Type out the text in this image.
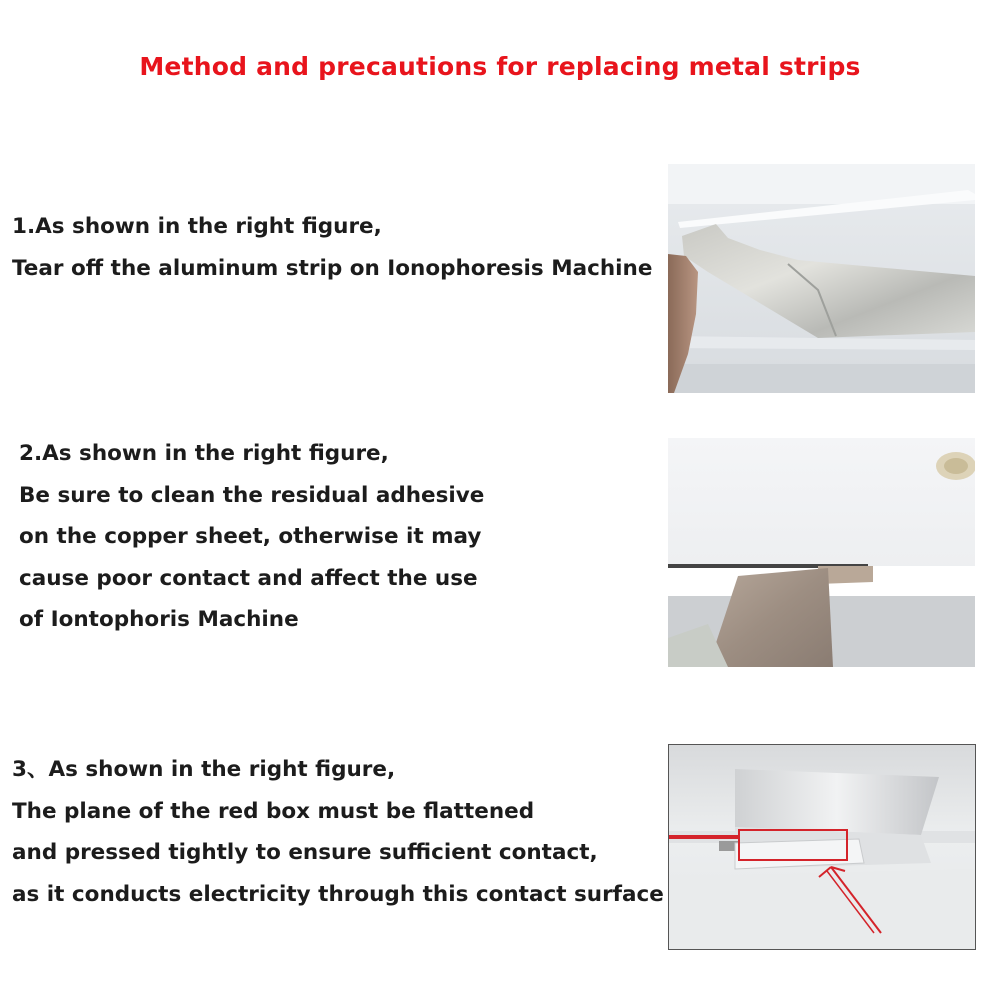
Method and precautions for replacing metal strips
1.As shown in the right figure,
Tear off the aluminum strip on Ionophoresis Machine
2.As shown in the right figure,
Be sure to clean the residual adhesive
on the copper sheet, otherwise it may
cause poor contact and affect the use
of Iontophoris Machine
3、As shown in the right figure,
The plane of the red box must be flattened
and pressed tightly to ensure sufficient contact,
as it conducts electricity through this contact surface
